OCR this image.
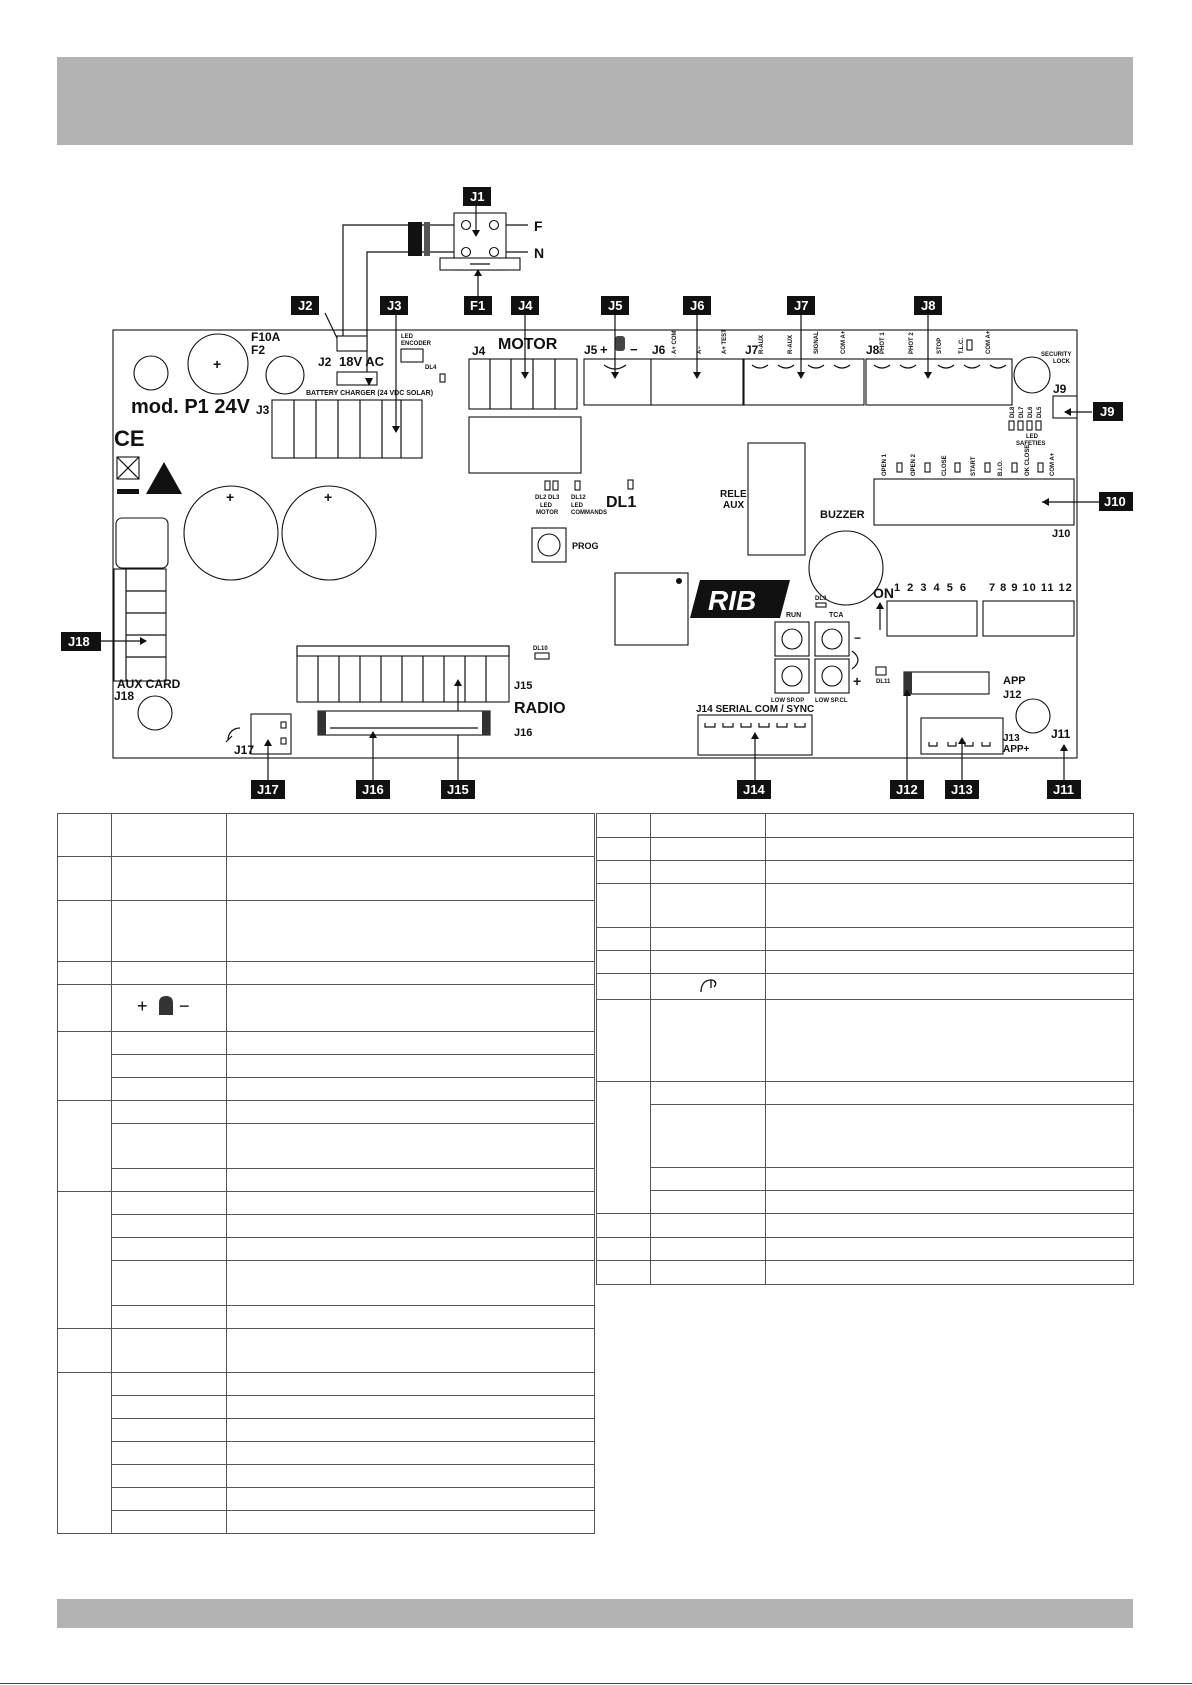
F
N
J1
F1
J2	J3	J4	J5	J6	J7	J8
+
F10A
F2
mod. P1 24V
J2 18V AC
LED
ENCODER
DL4
BATTERY CHARGER (24 VDC SOLAR)
J3
CE
+	+
AUX CARD
J18
J18
J17
J4 MOTOR
DL2 DL3 DL12
LED
MOTOR
LED
COMMANDS
DL1
PROG
RIB
J5 + − J6 A+ COM	A−	A+ TEST J7 R-AUX	R-AUX	SIGNAL	COM A+ J8 PHOT 1	PHOT 2	STOP	T.L.C.	COM A+
SECURITY
LOCK
J9
J9
DL8 DL7 DL6 DL5
LED
SAFETIES
OPEN 1	OPEN 2	CLOSE	START	B.I.O.	OK CLOSE	COM A+
J10
J10
RELE
AUX
BUZZER
ON 1 2 3 4 5 6 7 8 9 10 11 12
RUN
DL9
TCA
LOW SP.OP LOW SP.CL
−
+ DL11	APP
J12
J11
J13
APP+
J14 SERIAL COM / SYNC
J15
RADIO
DL10
J16
J17	J16	J15	J14	J12	J13	J11

+ −	
